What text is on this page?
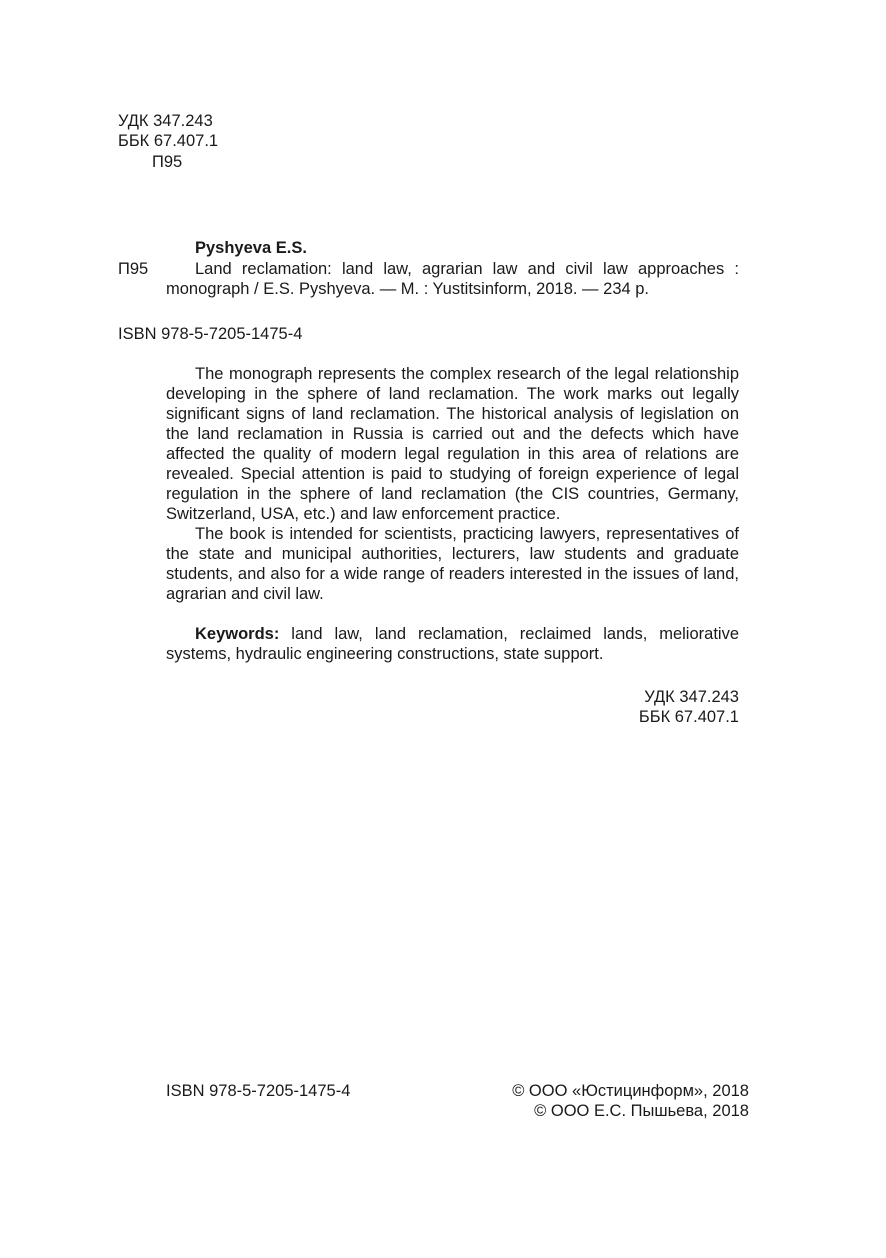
УДК 347.243
ББК 67.407.1
П95
Pyshyeva E.S.
П95	Land reclamation: land law, agrarian law and civil law approaches :
monograph / E.S. Pyshyeva. — M. : Yustitsinform, 2018. — 234 p.
ISBN 978-5-7205-1475-4

The monograph represents the complex research of the legal relationship developing in the sphere of land reclamation. The work marks out legally significant signs of land reclamation. The historical analysis of legislation on the land reclamation in Russia is carried out and the defects which have affected the quality of modern legal regulation in this area of relations are revealed. Special attention is paid to studying of foreign experience of legal regulation in the sphere of land reclamation (the CIS countries, Germany, Switzerland, USA, etc.) and law enforcement practice.

The book is intended for scientists, practicing lawyers, representatives of the state and municipal authorities, lecturers, law students and graduate students, and also for a wide range of readers interested in the issues of land, agrarian and civil law.

Keywords: land law, land reclamation, reclaimed lands, meliorative systems, hydraulic engineering constructions, state support.

УДК 347.243
ББК 67.407.1
ISBN 978-5-7205-1475-4	© ООО «Юстицинформ», 2018
© ООО Е.С. Пышьева, 2018
